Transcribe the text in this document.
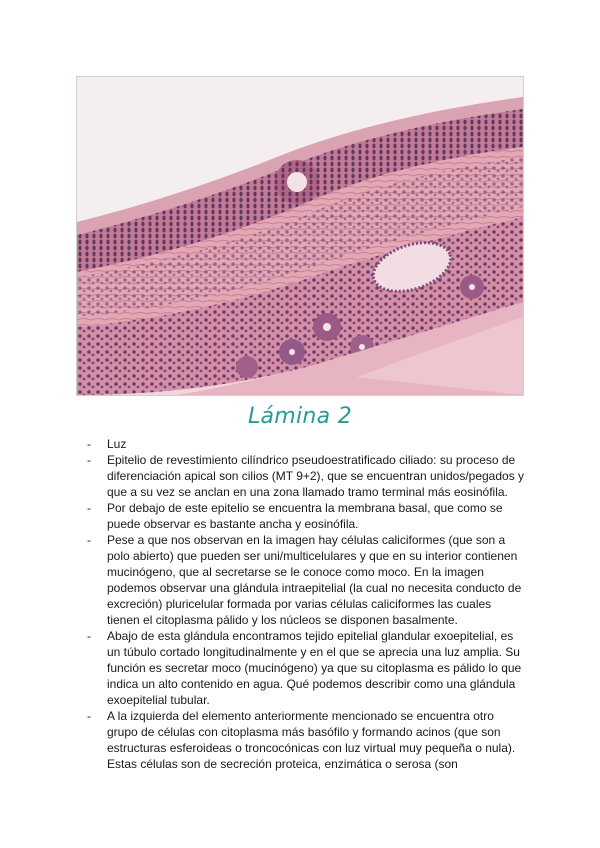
Lámina 2
- Luz
- Epitelio de revestimiento cilíndrico pseudoestratificado ciliado: su proceso de diferenciación apical son cilios (MT 9+2), que se encuentran unidos/pegados y que a su vez se anclan en una zona llamado tramo terminal más eosinófila.
- Por debajo de este epitelio se encuentra la membrana basal, que como se puede observar es bastante ancha y eosinófila.
- Pese a que nos observan en la imagen hay células caliciformes (que son a polo abierto) que pueden ser uni/multicelulares y que en su interior contienen mucinógeno, que al secretarse se le conoce como moco. En la imagen podemos observar una glándula intraepitelial (la cual no necesita conducto de excreción) pluricelular formada por varias células caliciformes las cuales tienen el citoplasma pálido y los núcleos se disponen basalmente.
- Abajo de esta glándula encontramos tejido epitelial glandular exoepitelial, es un túbulo cortado longitudinalmente y en el que se aprecia una luz amplia. Su función es secretar moco (mucinógeno) ya que su citoplasma es pálido lo que indica un alto contenido en agua. Qué podemos describir como una glándula exoepitelial tubular.
- A la izquierda del elemento anteriormente mencionado se encuentra otro grupo de células con citoplasma más basófilo y formando acinos (que son estructuras esferoideas o troncocónicas con luz virtual muy pequeña o nula). Estas células son de secreción proteica, enzimática o serosa (son
